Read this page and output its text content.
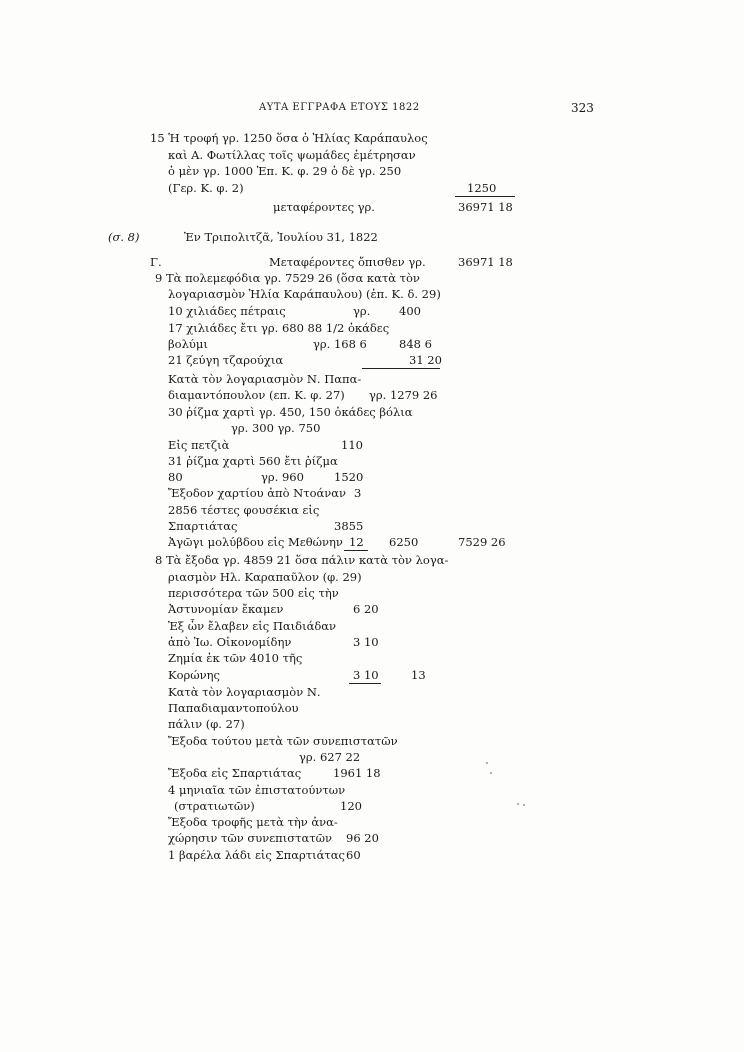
ΑΥΤΑ ΕΓΓΡΑΦΑ ΕΤΟΥΣ 1822	323
15 Ἡ τροφή γρ. 1250 ὅσα ὁ Ἠλίας Καράπαυλος
καὶ Α. Φωτίλλας τοῖς ψωμάδες ἐμέτρησαν
ὁ μὲν γρ. 1000 Ἐπ. Κ. φ. 29 ὁ δὲ γρ. 250
(Γερ. Κ. φ. 2)	1250
μεταφέροντες γρ.	36971 18
(σ. 8)	Ἐν Τριπολιτζᾶ, Ἰουλίου 31, 1822
Γ.	Μεταφέροντες ὄπισθεν γρ.	36971 18
9 Τὰ πολεμεφόδια γρ. 7529 26 (ὅσα κατὰ τὸν
λογαριασμὸν Ἠλία Καράπαυλου) (ἐπ. Κ. δ. 29)
10 χιλιάδες πέτραις	γρ. 400
17 χιλιάδες ἔτι γρ. 680 88 1/2 ὀκάδες
βολύμι	γρ. 168 6	848 6
21 ζεύγη τζαρούχια	31 20
Κατὰ τὸν λογαριασμὸν Ν. Παπα-
διαμαντόπουλον (επ. Κ. φ. 27) γρ. 1279 26
30 ῥίζμα χαρτὶ γρ. 450, 150 ὀκάδες βόλια
γρ. 300 γρ. 750
Εἰς πετζιὰ	110
31 ῥίζμα χαρτὶ 560 ἔτι ῥίζμα
80	γρ. 960	1520
Ἔξοδον χαρτίου ἀπὸ Ντοάναν 3
2856 τέστες φουσέκια εἰς
Σπαρτιάτας	3855
Ἀγῶγι μολύβδου εἰς Μεθώνην 12 6250	7529 26
8 Τὰ ἔξοδα γρ. 4859 21 ὅσα πάλιν κατὰ τὸν λογα-
ριασμὸν Ηλ. Καραπαῦλον (φ. 29)
περισσότερα τῶν 500 εἰς τὴν
Ἀστυνομίαν ἔκαμεν	6 20
Ἐξ ὧν ἔλαβεν εἰς Παιδιάδαν
ἀπὸ Ἰω. Οἰκονομίδην	3 10
Ζημία ἐκ τῶν 4010 τῆς
Κορώνης	3 10	13
Κατὰ τὸν λογαριασμὸν Ν.
Παπαδιαμαντοπούλου
πάλιν (φ. 27)
Ἔξοδα τούτου μετὰ τῶν συνεπιστατῶν
γρ. 627 22
Ἔξοδα εἰς Σπαρτιάτας	1961 18
4 μηνιαῖα τῶν ἐπιστατούντων
(στρατιωτῶν)	120
Ἔξοδα τροφῆς μετὰ τὴν ἀνα-
χώρησιν τῶν συνεπιστατῶν 96 20
1 βαρέλα λάδι εἰς Σπαρτιάτας 60
